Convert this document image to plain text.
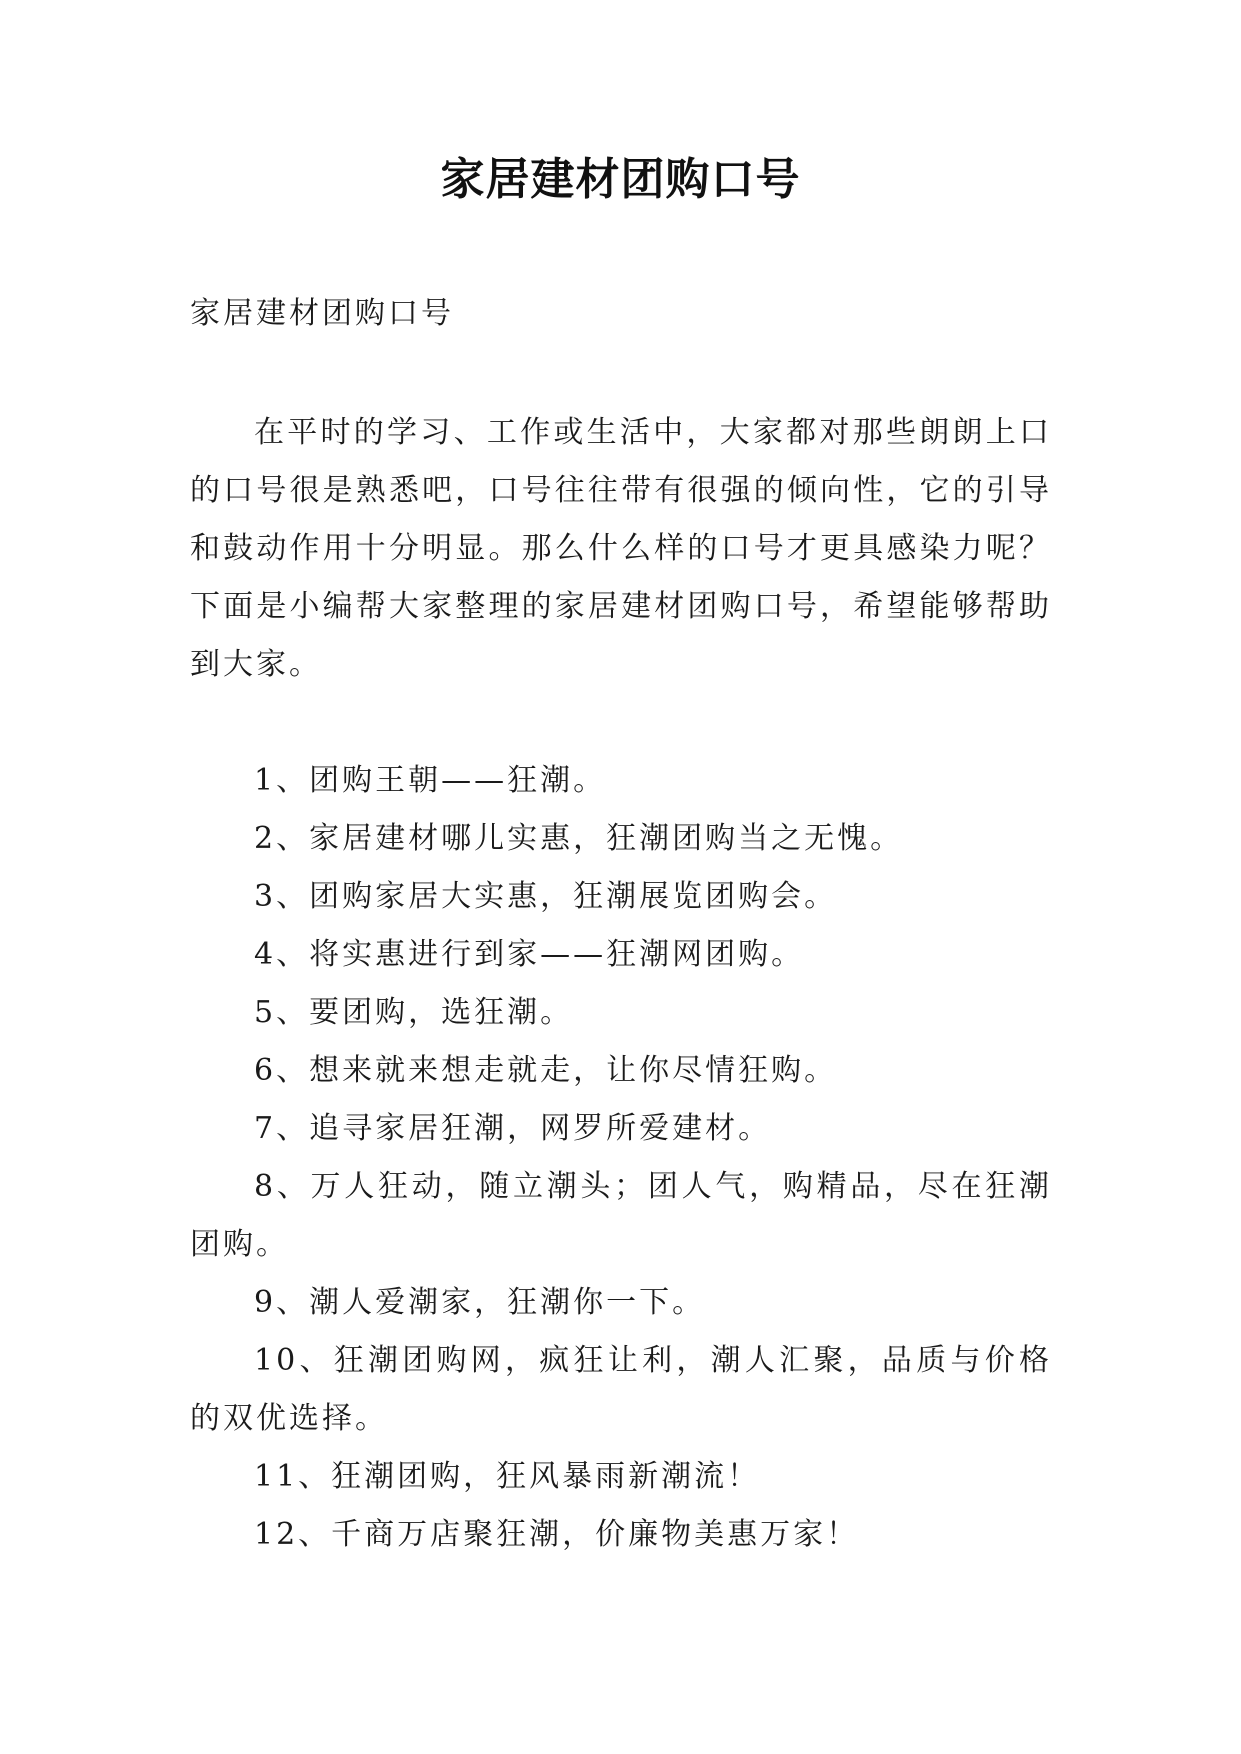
家居建材团购口号

家居建材团购口号

在平时的学习、工作或生活中，大家都对那些朗朗上口的口号很是熟悉吧，口号往往带有很强的倾向性，它的引导和鼓动作用十分明显。那么什么样的口号才更具感染力呢？下面是小编帮大家整理的家居建材团购口号，希望能够帮助到大家。

1、团购王朝——狂潮。
2、家居建材哪儿实惠，狂潮团购当之无愧。
3、团购家居大实惠，狂潮展览团购会。
4、将实惠进行到家——狂潮网团购。
5、要团购，选狂潮。
6、想来就来想走就走，让你尽情狂购。
7、追寻家居狂潮，网罗所爱建材。
8、万人狂动，随立潮头；团人气，购精品，尽在狂潮团购。
9、潮人爱潮家，狂潮你一下。
10、狂潮团购网，疯狂让利，潮人汇聚，品质与价格的双优选择。
11、狂潮团购，狂风暴雨新潮流！
12、千商万店聚狂潮，价廉物美惠万家！
